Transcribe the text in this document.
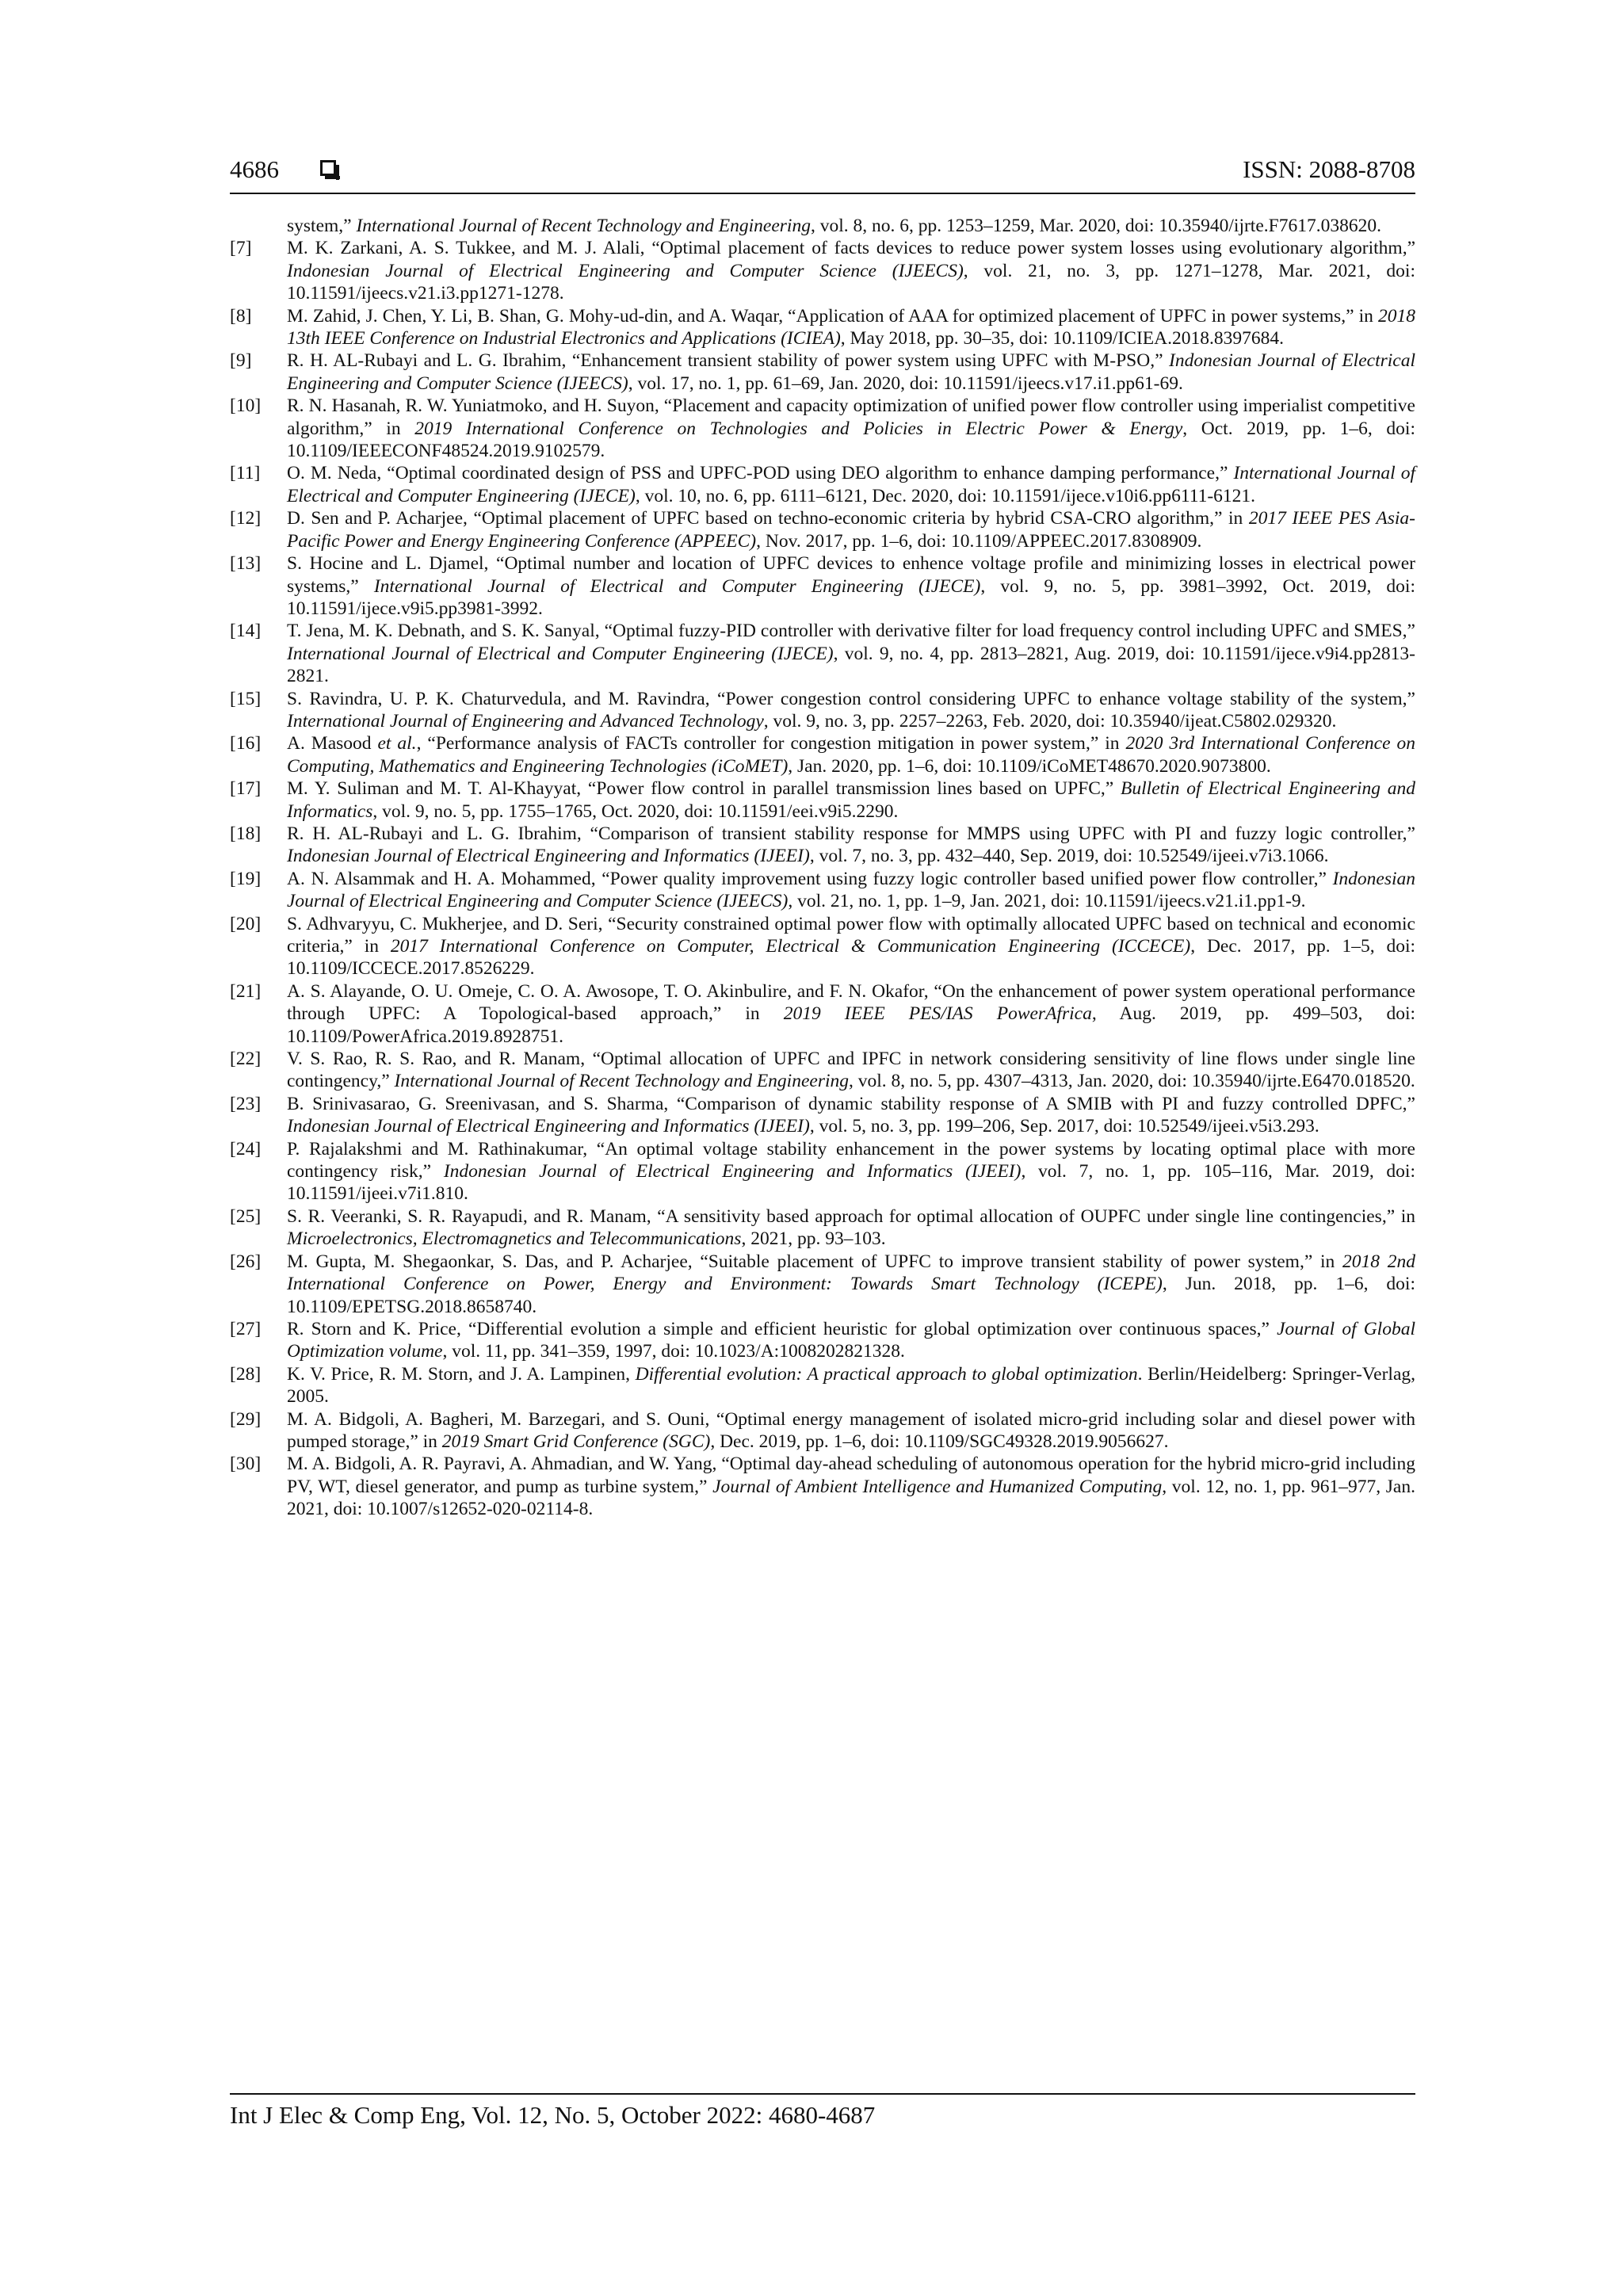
4686	ISSN: 2088-8708
system,” International Journal of Recent Technology and Engineering, vol. 8, no. 6, pp. 1253–1259, Mar. 2020, doi: 10.35940/ijrte.F7617.038620.
[7] M. K. Zarkani, A. S. Tukkee, and M. J. Alali, “Optimal placement of facts devices to reduce power system losses using evolutionary algorithm,” Indonesian Journal of Electrical Engineering and Computer Science (IJEECS), vol. 21, no. 3, pp. 1271–1278, Mar. 2021, doi: 10.11591/ijeecs.v21.i3.pp1271-1278.
[8] M. Zahid, J. Chen, Y. Li, B. Shan, G. Mohy-ud-din, and A. Waqar, “Application of AAA for optimized placement of UPFC in power systems,” in 2018 13th IEEE Conference on Industrial Electronics and Applications (ICIEA), May 2018, pp. 30–35, doi: 10.1109/ICIEA.2018.8397684.
[9] R. H. AL-Rubayi and L. G. Ibrahim, “Enhancement transient stability of power system using UPFC with M-PSO,” Indonesian Journal of Electrical Engineering and Computer Science (IJEECS), vol. 17, no. 1, pp. 61–69, Jan. 2020, doi: 10.11591/ijeecs.v17.i1.pp61-69.
[10] R. N. Hasanah, R. W. Yuniatmoko, and H. Suyon, “Placement and capacity optimization of unified power flow controller using imperialist competitive algorithm,” in 2019 International Conference on Technologies and Policies in Electric Power & Energy, Oct. 2019, pp. 1–6, doi: 10.1109/IEEECONF48524.2019.9102579.
[11] O. M. Neda, “Optimal coordinated design of PSS and UPFC-POD using DEO algorithm to enhance damping performance,” International Journal of Electrical and Computer Engineering (IJECE), vol. 10, no. 6, pp. 6111–6121, Dec. 2020, doi: 10.11591/ijece.v10i6.pp6111-6121.
[12] D. Sen and P. Acharjee, “Optimal placement of UPFC based on techno-economic criteria by hybrid CSA-CRO algorithm,” in 2017 IEEE PES Asia-Pacific Power and Energy Engineering Conference (APPEEC), Nov. 2017, pp. 1–6, doi: 10.1109/APPEEC.2017.8308909.
[13] S. Hocine and L. Djamel, “Optimal number and location of UPFC devices to enhence voltage profile and minimizing losses in electrical power systems,” International Journal of Electrical and Computer Engineering (IJECE), vol. 9, no. 5, pp. 3981–3992, Oct. 2019, doi: 10.11591/ijece.v9i5.pp3981-3992.
[14] T. Jena, M. K. Debnath, and S. K. Sanyal, “Optimal fuzzy-PID controller with derivative filter for load frequency control including UPFC and SMES,” International Journal of Electrical and Computer Engineering (IJECE), vol. 9, no. 4, pp. 2813–2821, Aug. 2019, doi: 10.11591/ijece.v9i4.pp2813-2821.
[15] S. Ravindra, U. P. K. Chaturvedula, and M. Ravindra, “Power congestion control considering UPFC to enhance voltage stability of the system,” International Journal of Engineering and Advanced Technology, vol. 9, no. 3, pp. 2257–2263, Feb. 2020, doi: 10.35940/ijeat.C5802.029320.
[16] A. Masood et al., “Performance analysis of FACTs controller for congestion mitigation in power system,” in 2020 3rd International Conference on Computing, Mathematics and Engineering Technologies (iCoMET), Jan. 2020, pp. 1–6, doi: 10.1109/iCoMET48670.2020.9073800.
[17] M. Y. Suliman and M. T. Al-Khayyat, “Power flow control in parallel transmission lines based on UPFC,” Bulletin of Electrical Engineering and Informatics, vol. 9, no. 5, pp. 1755–1765, Oct. 2020, doi: 10.11591/eei.v9i5.2290.
[18] R. H. AL-Rubayi and L. G. Ibrahim, “Comparison of transient stability response for MMPS using UPFC with PI and fuzzy logic controller,” Indonesian Journal of Electrical Engineering and Informatics (IJEEI), vol. 7, no. 3, pp. 432–440, Sep. 2019, doi: 10.52549/ijeei.v7i3.1066.
[19] A. N. Alsammak and H. A. Mohammed, “Power quality improvement using fuzzy logic controller based unified power flow controller,” Indonesian Journal of Electrical Engineering and Computer Science (IJEECS), vol. 21, no. 1, pp. 1–9, Jan. 2021, doi: 10.11591/ijeecs.v21.i1.pp1-9.
[20] S. Adhvaryyu, C. Mukherjee, and D. Seri, “Security constrained optimal power flow with optimally allocated UPFC based on technical and economic criteria,” in 2017 International Conference on Computer, Electrical & Communication Engineering (ICCECE), Dec. 2017, pp. 1–5, doi: 10.1109/ICCECE.2017.8526229.
[21] A. S. Alayande, O. U. Omeje, C. O. A. Awosope, T. O. Akinbulire, and F. N. Okafor, “On the enhancement of power system operational performance through UPFC: A Topological-based approach,” in 2019 IEEE PES/IAS PowerAfrica, Aug. 2019, pp. 499–503, doi: 10.1109/PowerAfrica.2019.8928751.
[22] V. S. Rao, R. S. Rao, and R. Manam, “Optimal allocation of UPFC and IPFC in network considering sensitivity of line flows under single line contingency,” International Journal of Recent Technology and Engineering, vol. 8, no. 5, pp. 4307–4313, Jan. 2020, doi: 10.35940/ijrte.E6470.018520.
[23] B. Srinivasarao, G. Sreenivasan, and S. Sharma, “Comparison of dynamic stability response of A SMIB with PI and fuzzy controlled DPFC,” Indonesian Journal of Electrical Engineering and Informatics (IJEEI), vol. 5, no. 3, pp. 199–206, Sep. 2017, doi: 10.52549/ijeei.v5i3.293.
[24] P. Rajalakshmi and M. Rathinakumar, “An optimal voltage stability enhancement in the power systems by locating optimal place with more contingency risk,” Indonesian Journal of Electrical Engineering and Informatics (IJEEI), vol. 7, no. 1, pp. 105–116, Mar. 2019, doi: 10.11591/ijeei.v7i1.810.
[25] S. R. Veeranki, S. R. Rayapudi, and R. Manam, “A sensitivity based approach for optimal allocation of OUPFC under single line contingencies,” in Microelectronics, Electromagnetics and Telecommunications, 2021, pp. 93–103.
[26] M. Gupta, M. Shegaonkar, S. Das, and P. Acharjee, “Suitable placement of UPFC to improve transient stability of power system,” in 2018 2nd International Conference on Power, Energy and Environment: Towards Smart Technology (ICEPE), Jun. 2018, pp. 1–6, doi: 10.1109/EPETSG.2018.8658740.
[27] R. Storn and K. Price, “Differential evolution a simple and efficient heuristic for global optimization over continuous spaces,” Journal of Global Optimization volume, vol. 11, pp. 341–359, 1997, doi: 10.1023/A:1008202821328.
[28] K. V. Price, R. M. Storn, and J. A. Lampinen, Differential evolution: A practical approach to global optimization. Berlin/Heidelberg: Springer-Verlag, 2005.
[29] M. A. Bidgoli, A. Bagheri, M. Barzegari, and S. Ouni, “Optimal energy management of isolated micro-grid including solar and diesel power with pumped storage,” in 2019 Smart Grid Conference (SGC), Dec. 2019, pp. 1–6, doi: 10.1109/SGC49328.2019.9056627.
[30] M. A. Bidgoli, A. R. Payravi, A. Ahmadian, and W. Yang, “Optimal day-ahead scheduling of autonomous operation for the hybrid micro-grid including PV, WT, diesel generator, and pump as turbine system,” Journal of Ambient Intelligence and Humanized Computing, vol. 12, no. 1, pp. 961–977, Jan. 2021, doi: 10.1007/s12652-020-02114-8.
Int J Elec & Comp Eng, Vol. 12, No. 5, October 2022: 4680-4687
